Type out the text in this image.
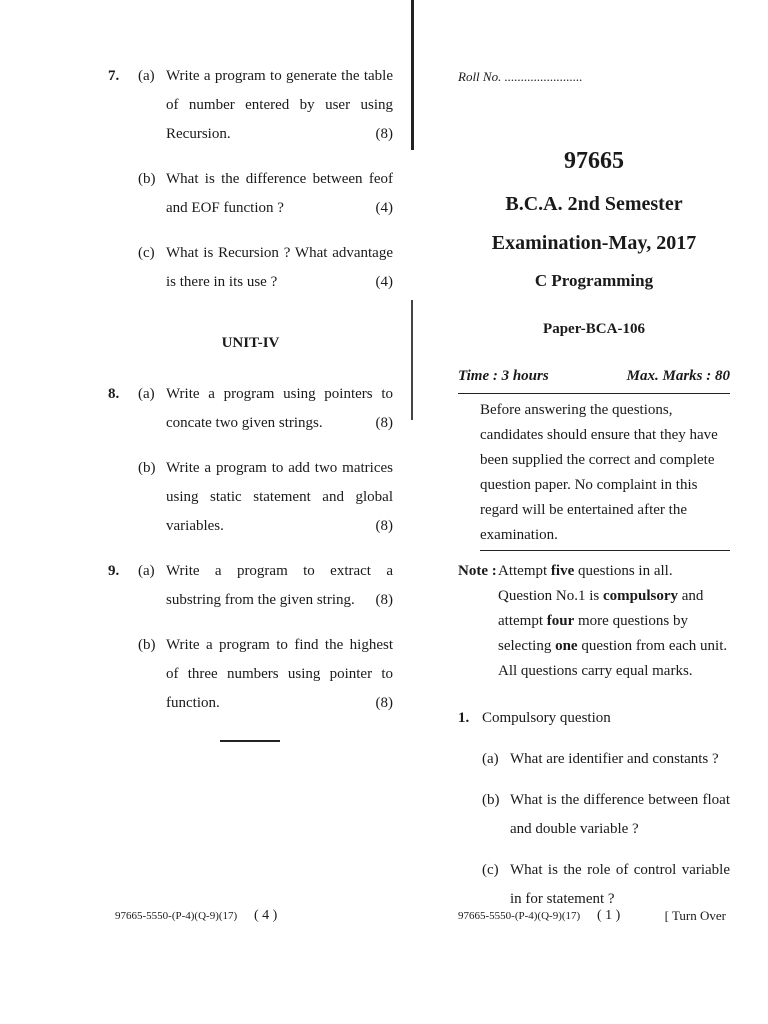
7.	(a) Write a program to generate the table of number entered by user using Recursion.	(8)
(b) What is the difference between feof and EOF function ?	(4)
(c) What is Recursion ? What advantage is there in its use ?	(4)
UNIT-IV
8.	(a) Write a program using pointers to concate two given strings.	(8)
(b) Write a program to add two matrices using static statement and global variables.	(8)
9.	(a) Write a program to extract a substring from the given string. (8)
(b) Write a program to find the highest of three numbers using pointer to function.	(8)
97665-5550-(P-4)(Q-9)(17) ( 4 )
Roll No. ........................
97665
B.C.A. 2nd Semester
Examination-May, 2017
C Programming
Paper-BCA-106
Time : 3 hours	Max. Marks : 80
Before answering the questions, candidates should ensure that they have been supplied the correct and complete question paper. No complaint in this regard will be entertained after the examination.
Note : Attempt five questions in all. Question No.1 is compulsory and attempt four more questions by selecting one question from each unit. All questions carry equal marks.
1. Compulsory question
(a) What are identifier and constants ?
(b) What is the difference between float and double variable ?
(c) What is the role of control variable in for statement ?
97665-5550-(P-4)(Q-9)(17) ( 1 )	[ Turn Over
